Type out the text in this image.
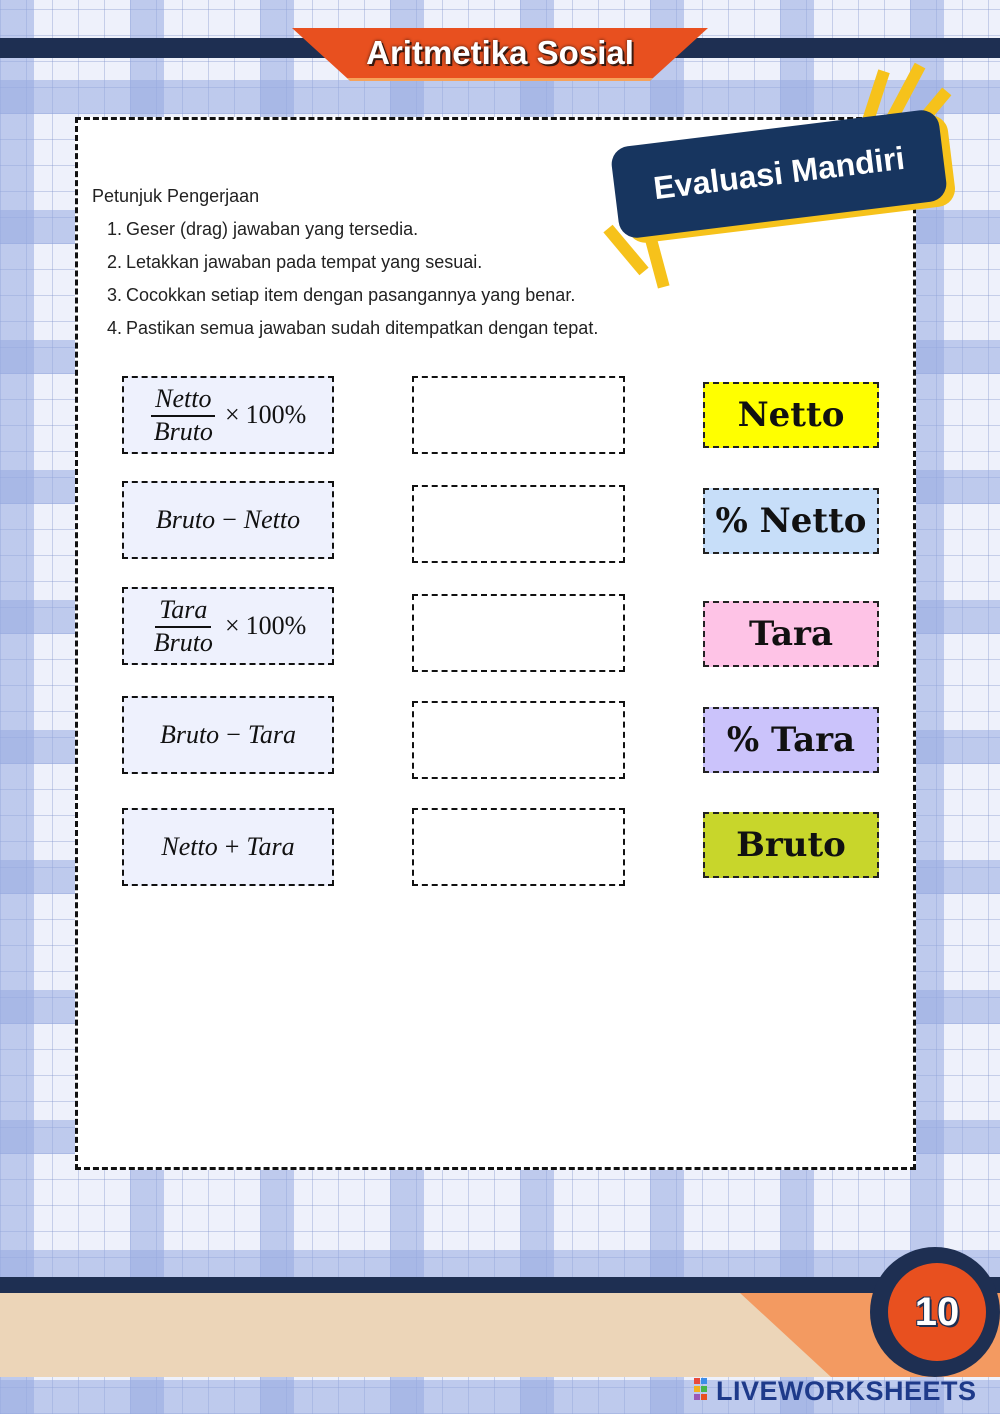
Aritmetika Sosial
Evaluasi Mandiri
Petunjuk Pengerjaan
1. Geser (drag) jawaban yang tersedia.
2. Letakkan jawaban pada tempat yang sesuai.
3. Cocokkan setiap item dengan pasangannya yang benar.
4. Pastikan semua jawaban sudah ditempatkan dengan tepat.
$\frac{\text{Netto}}{\text{Bruto}} \times 100\%$
Bruto − Netto
$\frac{\text{Tara}}{\text{Bruto}} \times 100\%$
Bruto − Tara
Netto + Tara
Netto
% Netto
Tara
% Tara
Bruto
10
LIVEWORKSHEETS
